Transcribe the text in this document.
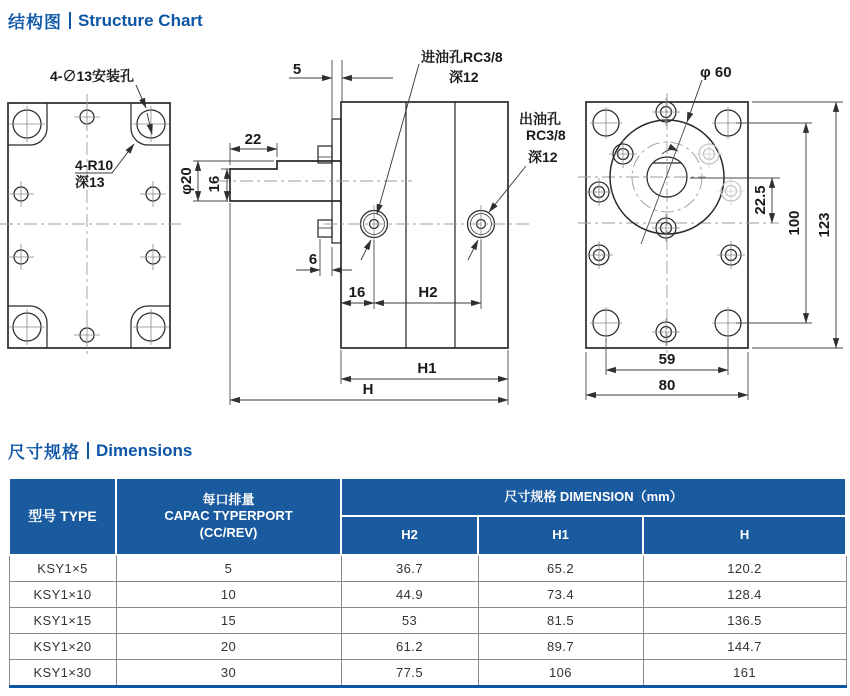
结构图 Structure Chart
4-∅13安装孔
4-R10
深13	φ20 16
5
22
6
16	H2
H1
H
进油孔RC3/8
深12
出油孔
RC3/8
深12
φ 60
22.5
100 123
59
80
尺寸规格 Dimensions
型号 TYPE	每口排量
CAPAC TYPERPORT
(CC/REV)	尺寸规格 DIMENSION（mm）		
		H2	H1	H
KSY1×5	5	36.7	65.2	120.2
KSY1×10	10	44.9	73.4	128.4
KSY1×15	15	53	81.5	136.5
KSY1×20	20	61.2	89.7	144.7
KSY1×30	30	77.5	106	161
